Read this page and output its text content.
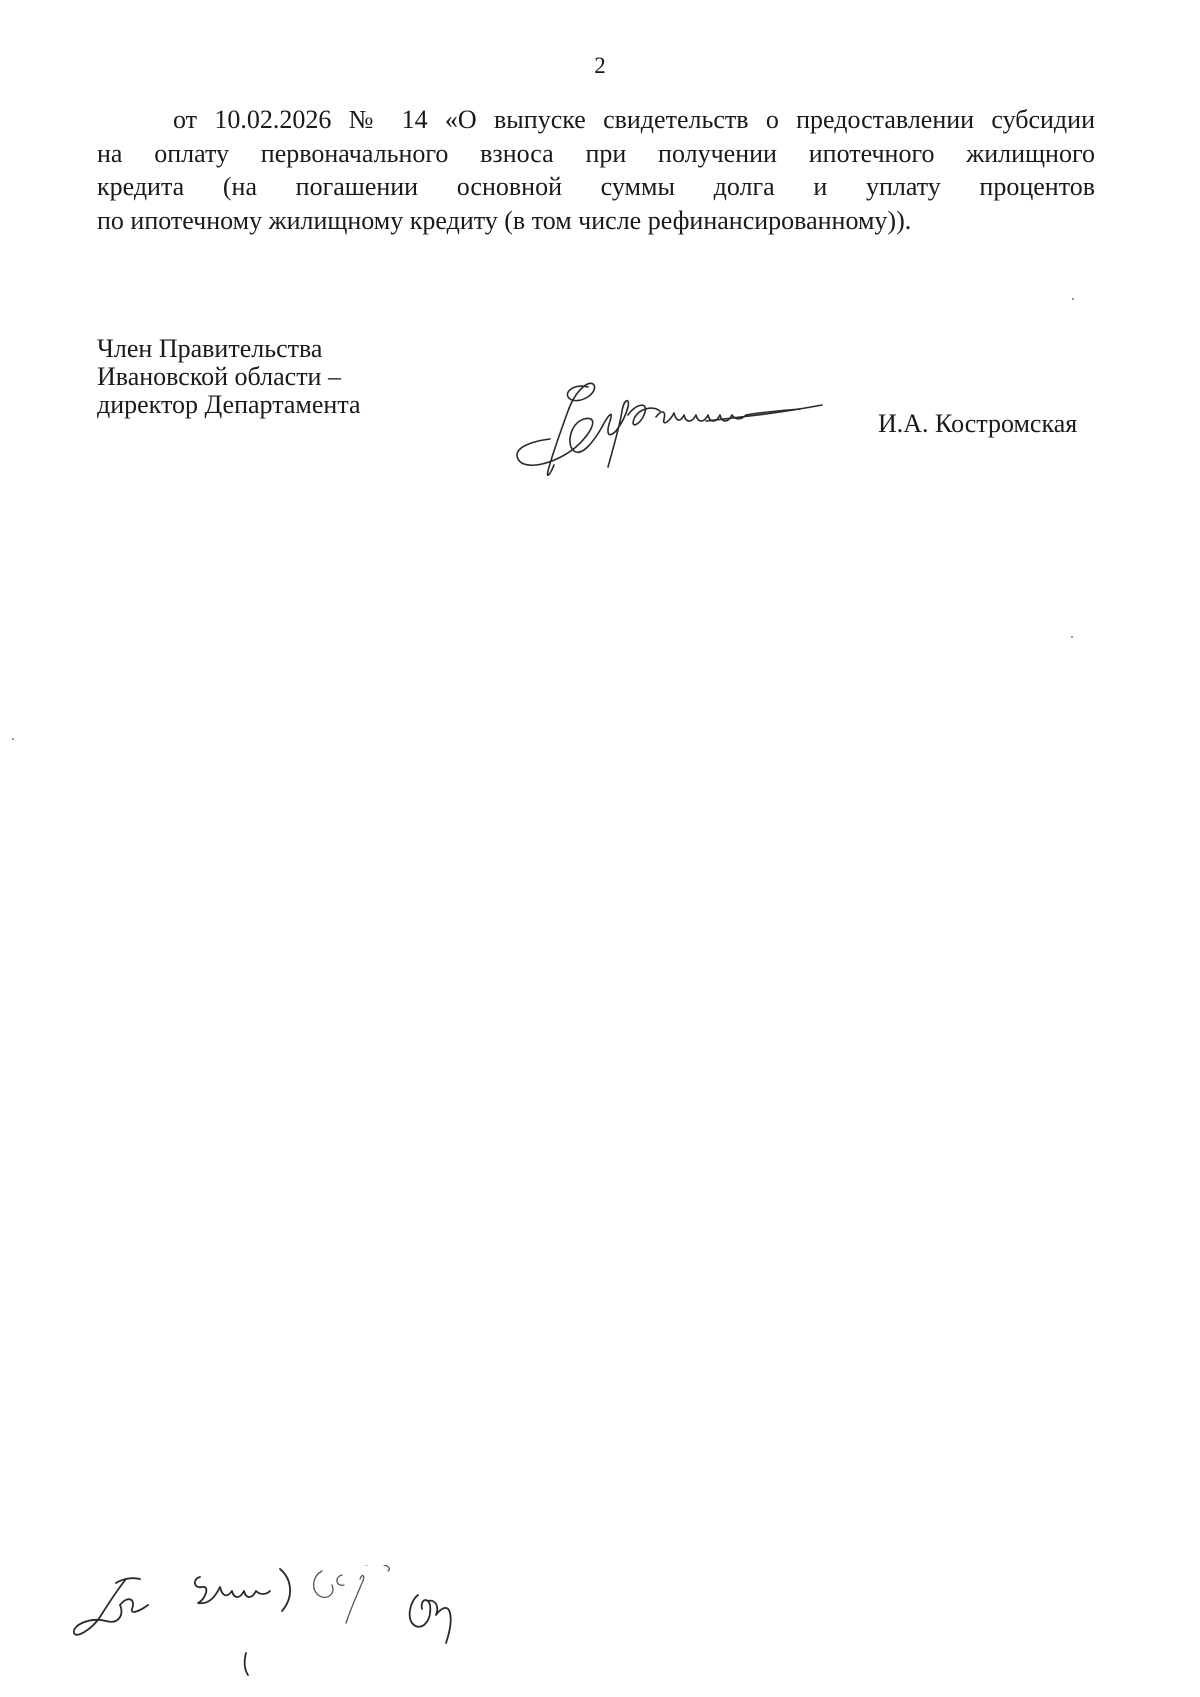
2
от 10.02.2026 № 14 «О выпуске свидетельств о предоставлении субсидии
на оплату первоначального взноса при получении ипотечного жилищного
кредита (на погашении основной суммы долга и уплату процентов
по ипотечному жилищному кредиту (в том числе рефинансированному)).
Член Правительства
Ивановской области –
директор Департамента
И.А. Костромская
